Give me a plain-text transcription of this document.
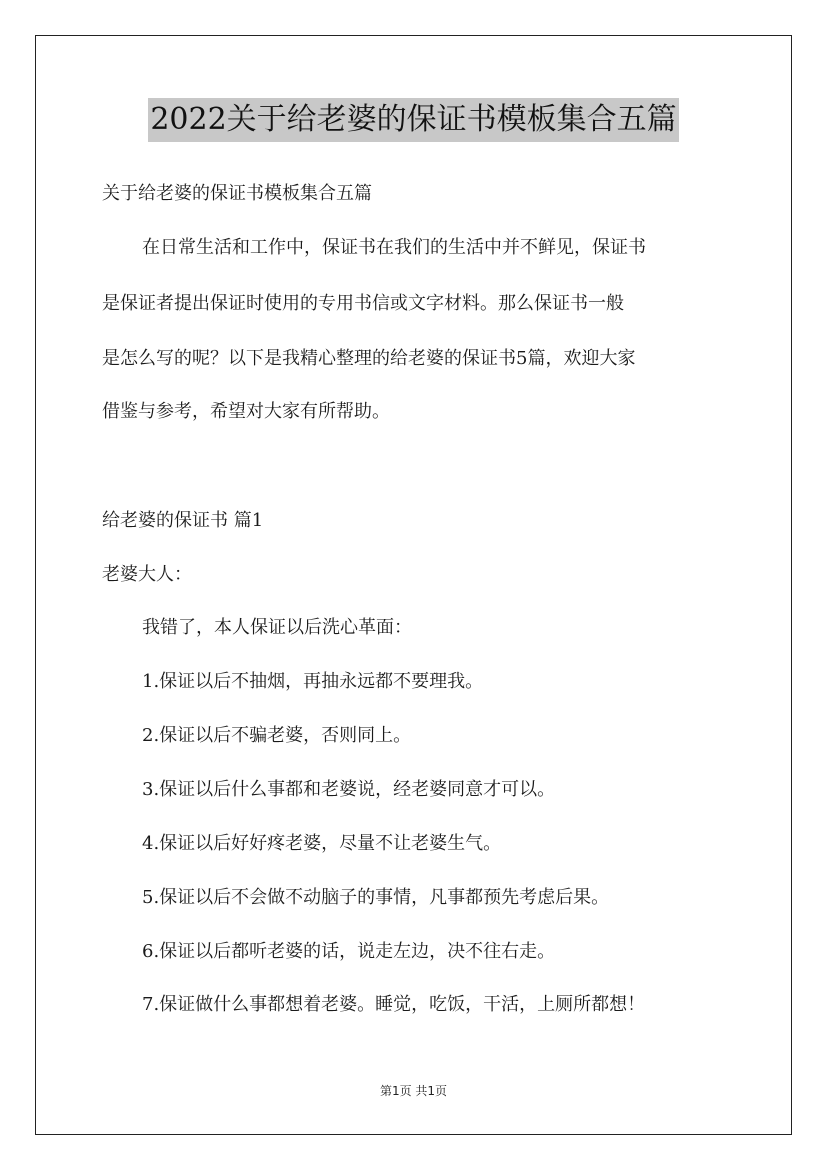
2022关于给老婆的保证书模板集合五篇
关于给老婆的保证书模板集合五篇
在日常生活和工作中，保证书在我们的生活中并不鲜见，保证书
是保证者提出保证时使用的专用书信或文字材料。那么保证书一般
是怎么写的呢？以下是我精心整理的给老婆的保证书5篇，欢迎大家
借鉴与参考，希望对大家有所帮助。
给老婆的保证书 篇1
老婆大人：
我错了，本人保证以后洗心革面：
1.保证以后不抽烟，再抽永远都不要理我。
2.保证以后不骗老婆，否则同上。
3.保证以后什么事都和老婆说，经老婆同意才可以。
4.保证以后好好疼老婆，尽量不让老婆生气。
5.保证以后不会做不动脑子的事情，凡事都预先考虑后果。
6.保证以后都听老婆的话，说走左边，决不往右走。
7.保证做什么事都想着老婆。睡觉，吃饭，干活，上厕所都想！
第1页 共1页
